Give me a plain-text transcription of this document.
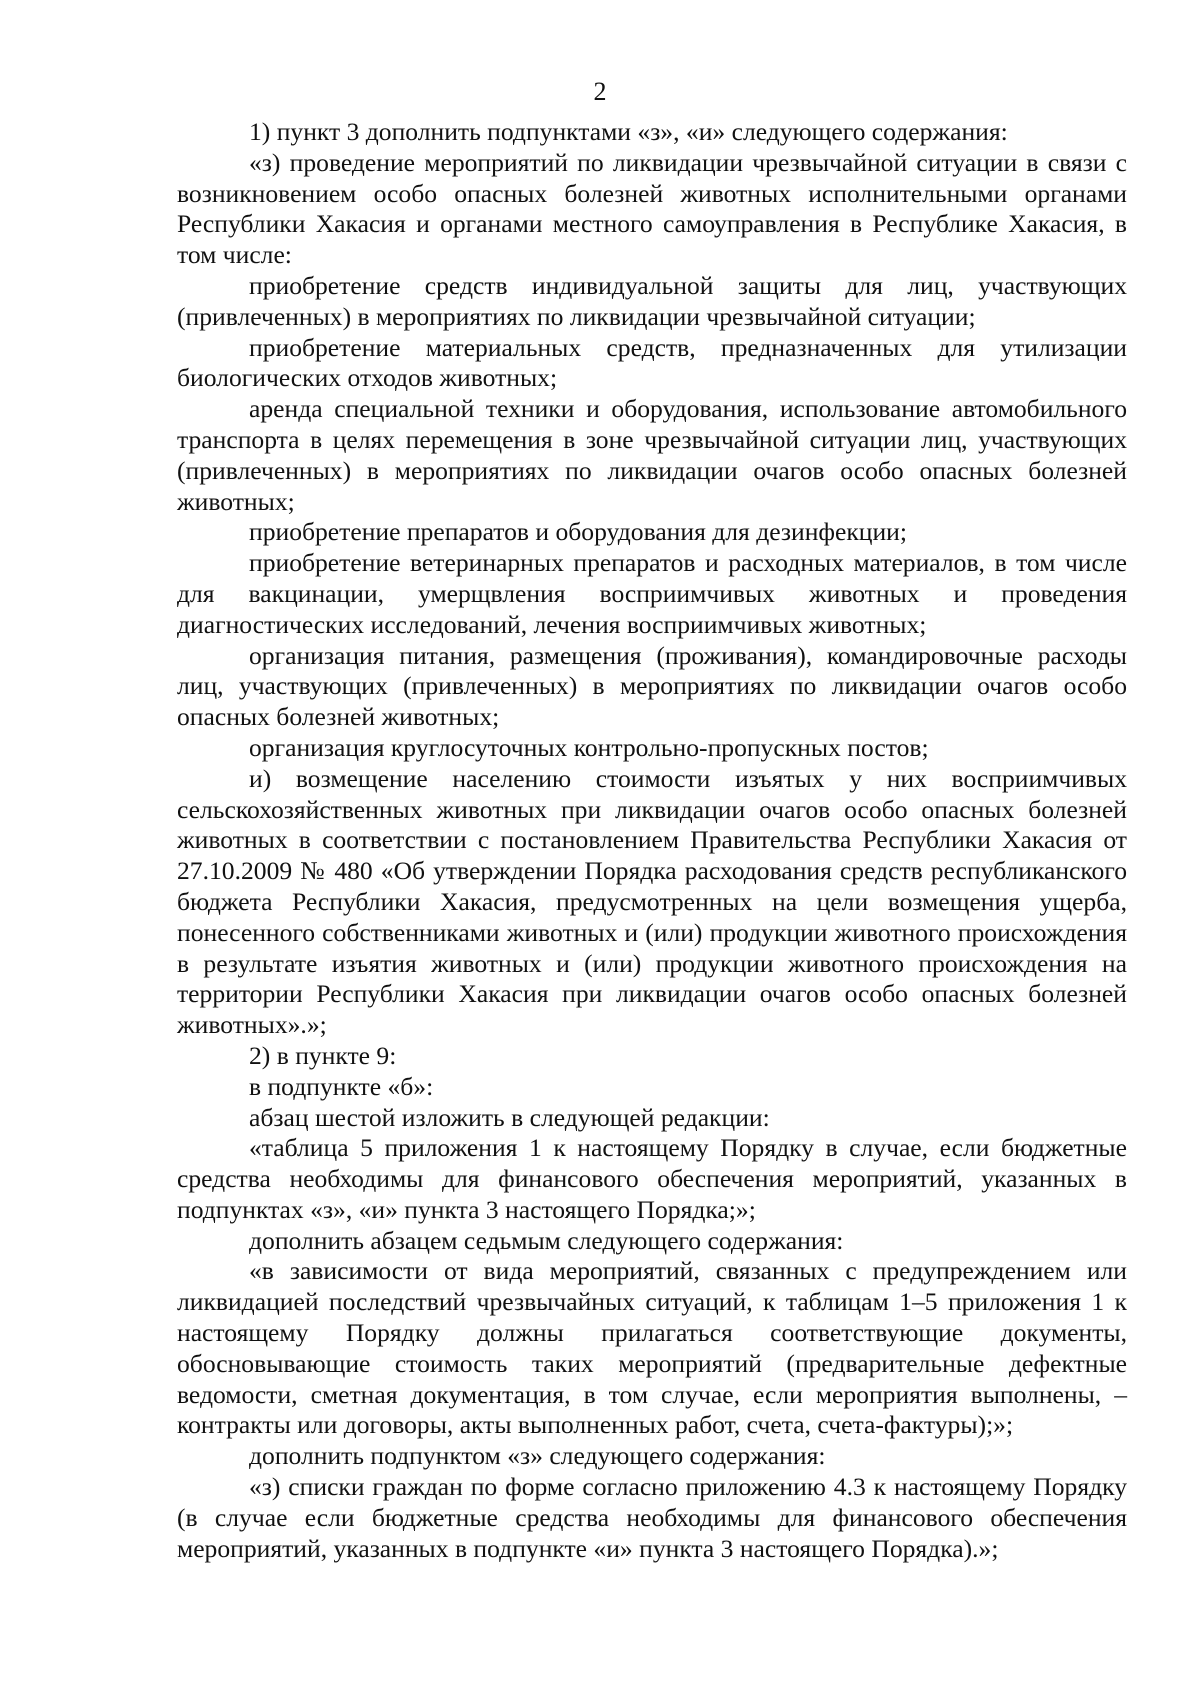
2

1) пункт 3 дополнить подпунктами «з», «и» следующего содержания:

«з) проведение мероприятий по ликвидации чрезвычайной ситуации в связи с возникновением особо опасных болезней животных исполнительными органами Республики Хакасия и органами местного самоуправления в Республике Хакасия, в том числе:

приобретение средств индивидуальной защиты для лиц, участвующих (привлеченных) в мероприятиях по ликвидации чрезвычайной ситуации;

приобретение материальных средств, предназначенных для утилизации биологических отходов животных;

аренда специальной техники и оборудования, использование автомобильного транспорта в целях перемещения в зоне чрезвычайной ситуации лиц, участвующих (привлеченных) в мероприятиях по ликвидации очагов особо опасных болезней животных;

приобретение препаратов и оборудования для дезинфекции;

приобретение ветеринарных препаратов и расходных материалов, в том числе для вакцинации, умерщвления восприимчивых животных и проведения диагностических исследований, лечения восприимчивых животных;

организация питания, размещения (проживания), командировочные расходы лиц, участвующих (привлеченных) в мероприятиях по ликвидации очагов особо опасных болезней животных;

организация круглосуточных контрольно-пропускных постов;

и) возмещение населению стоимости изъятых у них восприимчивых сельскохозяйственных животных при ликвидации очагов особо опасных болезней животных в соответствии с постановлением Правительства Республики Хакасия от 27.10.2009 № 480 «Об утверждении Порядка расходования средств республиканского бюджета Республики Хакасия, предусмотренных на цели возмещения ущерба, понесенного собственниками животных и (или) продукции животного происхождения в результате изъятия животных и (или) продукции животного происхождения на территории Республики Хакасия при ликвидации очагов особо опасных болезней животных».»;

2) в пункте 9:

в подпункте «б»:

абзац шестой изложить в следующей редакции:

«таблица 5 приложения 1 к настоящему Порядку в случае, если бюджетные средства необходимы для финансового обеспечения мероприятий, указанных в подпунктах «з», «и» пункта 3 настоящего Порядка;»;

дополнить абзацем седьмым следующего содержания:

«в зависимости от вида мероприятий, связанных с предупреждением или ликвидацией последствий чрезвычайных ситуаций, к таблицам 1–5 приложения 1 к настоящему Порядку должны прилагаться соответствующие документы, обосновывающие стоимость таких мероприятий (предварительные дефектные ведомости, сметная документация, в том случае, если мероприятия выполнены, – контракты или договоры, акты выполненных работ, счета, счета-фактуры);»;

дополнить подпунктом «з» следующего содержания:

«з) списки граждан по форме согласно приложению 4.3 к настоящему Порядку (в случае если бюджетные средства необходимы для финансового обеспечения мероприятий, указанных в подпункте «и» пункта 3 настоящего Порядка).»;
